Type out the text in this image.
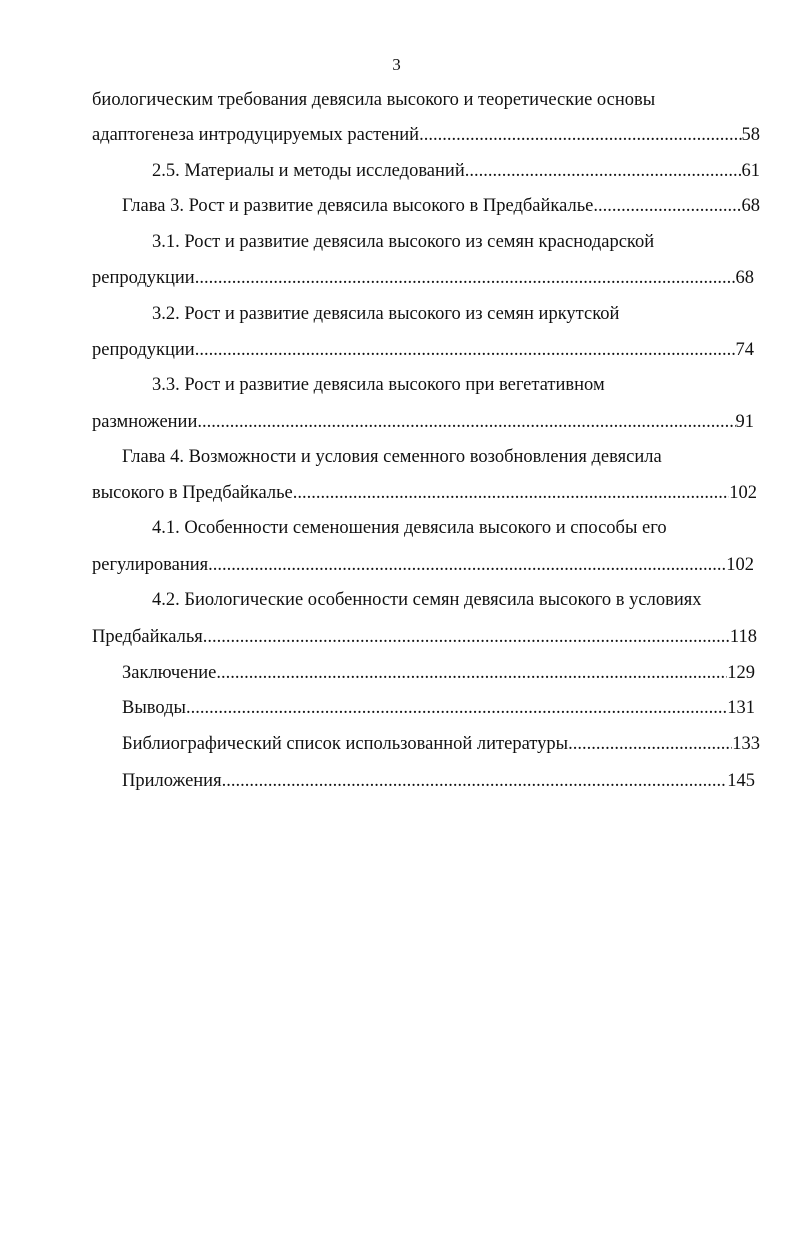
3
биологическим требования девясила высокого и теоретические основы
адаптогенеза интродуцируемых растений .....	58
2.5. Материалы и методы исследований .....	61
Глава 3. Рост и развитие девясила высокого в Предбайкалье .....	68
3.1. Рост и развитие девясила высокого из семян краснодарской
репродукции .....	68
3.2. Рост и развитие девясила высокого из семян иркутской
репродукции .....	74
3.3. Рост и развитие девясила высокого при вегетативном
размножении .....	91
Глава 4. Возможности и условия семенного возобновления девясила
высокого в Предбайкалье .....	102
4.1. Особенности семеношения девясила высокого и способы его
регулирования .....	102
4.2. Биологические особенности семян девясила высокого в условиях
Предбайкалья .....	118
Заключение .....	129
Выводы .....	131
Библиографический список использованной литературы .....	133
Приложения .....	145
